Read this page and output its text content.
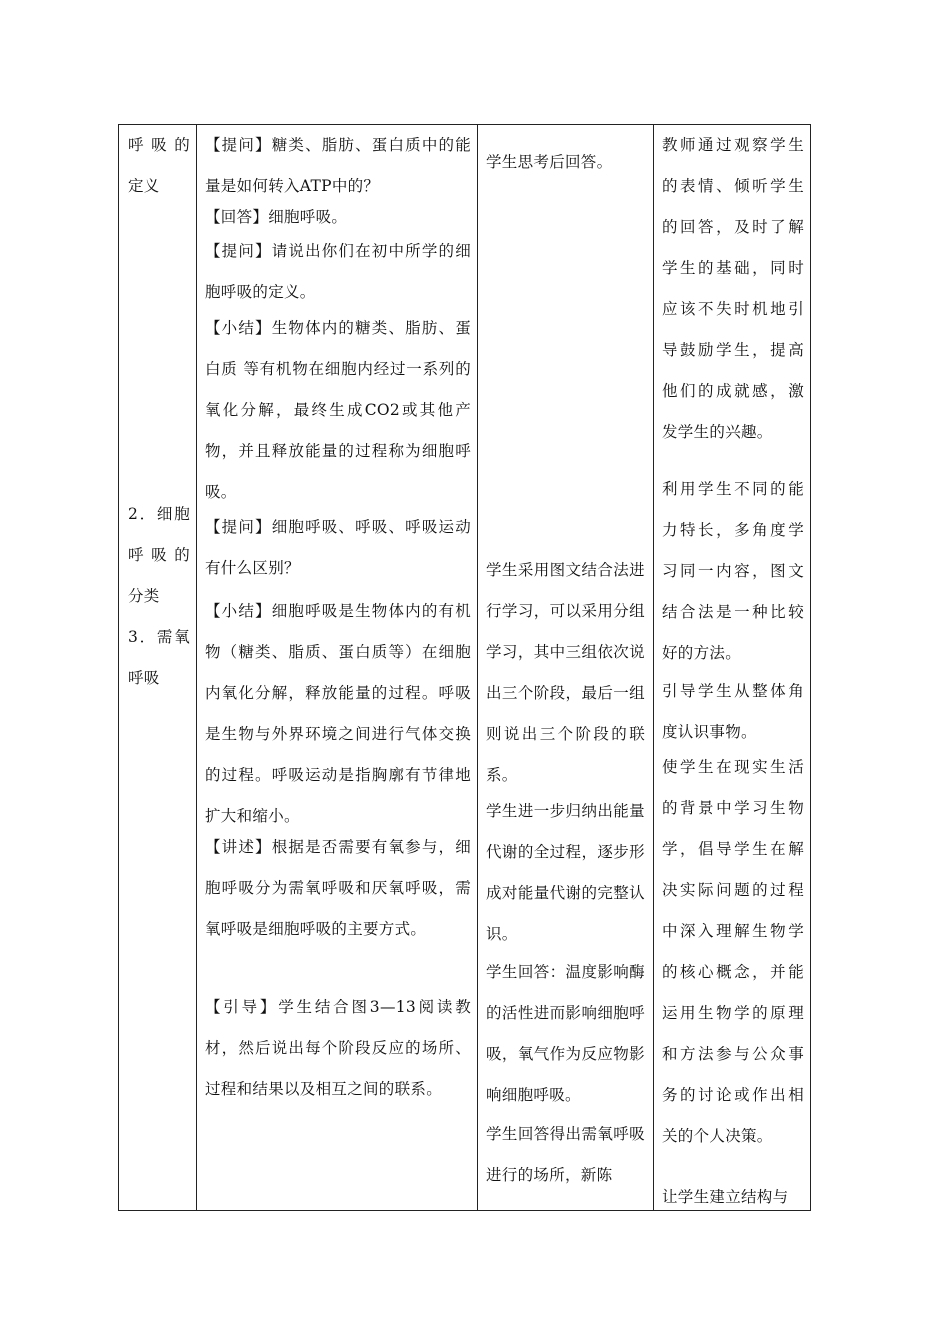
呼 吸 的定义

2．细胞呼 吸 的分类

3．需氧呼吸

【提问】糖类、脂肪、蛋白质中的能量是如何转入ATP中的？

【回答】细胞呼吸。

【提问】请说出你们在初中所学的细胞呼吸的定义。

【小结】生物体内的糖类、脂肪、蛋白质 等有机物在细胞内经过一系列的氧化分解，最终生成CO2或其他产物，并且释放能量的过程称为细胞呼吸。

【提问】细胞呼吸、呼吸、呼吸运动有什么区别？

【小结】细胞呼吸是生物体内的有机物（糖类、脂质、蛋白质等）在细胞内氧化分解，释放能量的过程。呼吸是生物与外界环境之间进行气体交换的过程。呼吸运动是指胸廓有节律地扩大和缩小。

【讲述】根据是否需要有氧参与，细胞呼吸分为需氧呼吸和厌氧呼吸，需氧呼吸是细胞呼吸的主要方式。

【引导】学生结合图3—13阅读教材，然后说出每个阶段反应的场所、过程和结果以及相互之间的联系。

学生思考后回答。

学生采用图文结合法进行学习，可以采用分组学习，其中三组依次说出三个阶段，最后一组则说出三个阶段的联系。

学生进一步归纳出能量代谢的全过程，逐步形成对能量代谢的完整认识。

学生回答：温度影响酶的活性进而影响细胞呼吸，氧气作为反应物影响细胞呼吸。

学生回答得出需氧呼吸进行的场所，新陈

教师通过观察学生的表情、倾听学生的回答，及时了解学生的基础，同时应该不失时机地引导鼓励学生，提高他们的成就感，激发学生的兴趣。

利用学生不同的能力特长，多角度学习同一内容，图文结合法是一种比较好的方法。

引导学生从整体角度认识事物。

使学生在现实生活的背景中学习生物学，倡导学生在解决实际问题的过程中深入理解生物学的核心概念，并能运用生物学的原理和方法参与公众事务的讨论或作出相关的个人决策。

让学生建立结构与
